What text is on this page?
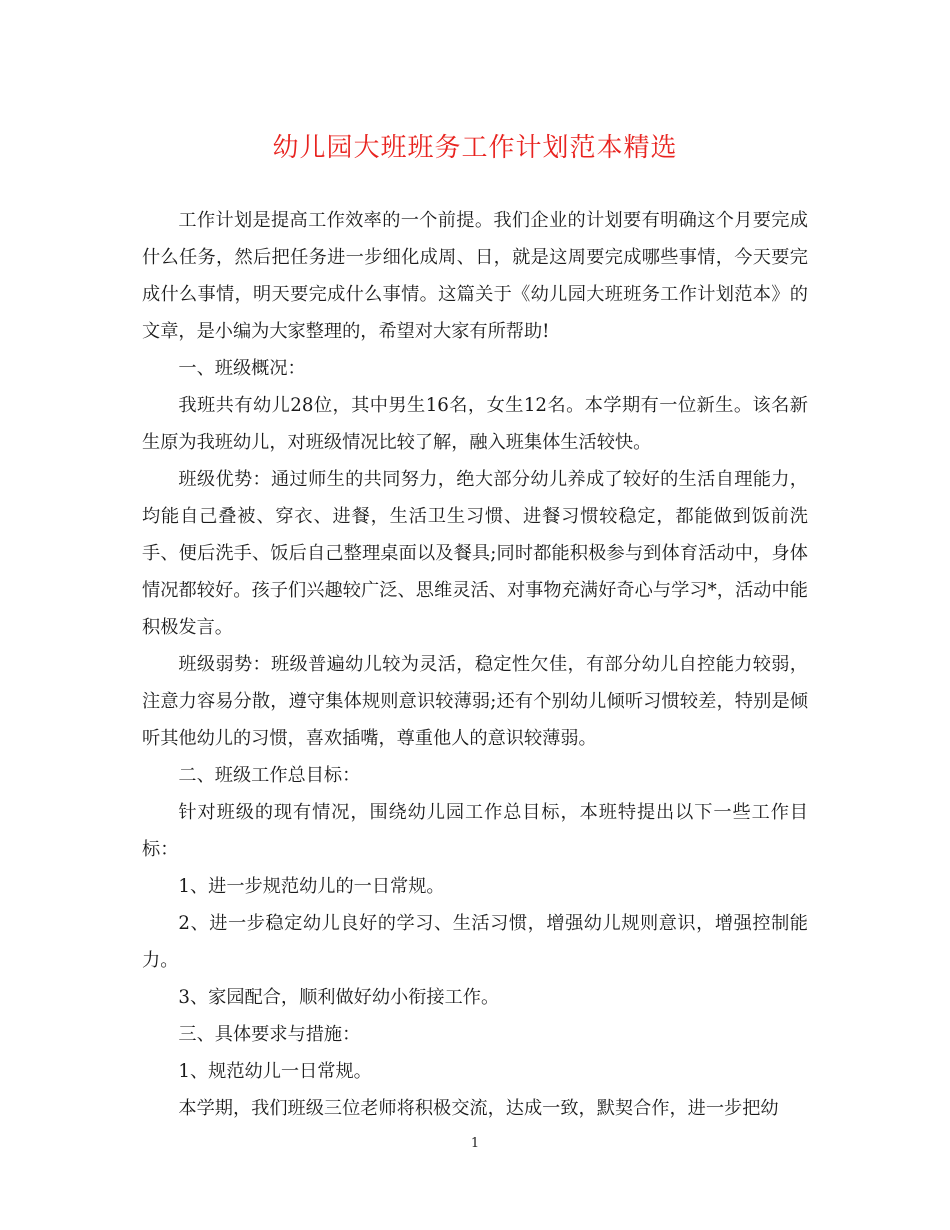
幼儿园大班班务工作计划范本精选

工作计划是提高工作效率的一个前提。我们企业的计划要有明确这个月要完成什么任务，然后把任务进一步细化成周、日，就是这周要完成哪些事情，今天要完成什么事情，明天要完成什么事情。这篇关于《幼儿园大班班务工作计划范本》的文章，是小编为大家整理的，希望对大家有所帮助!

一、班级概况：

我班共有幼儿28位，其中男生16名，女生12名。本学期有一位新生。该名新生原为我班幼儿，对班级情况比较了解，融入班集体生活较快。

班级优势：通过师生的共同努力，绝大部分幼儿养成了较好的生活自理能力，均能自己叠被、穿衣、进餐，生活卫生习惯、进餐习惯较稳定，都能做到饭前洗手、便后洗手、饭后自己整理桌面以及餐具;同时都能积极参与到体育活动中，身体情况都较好。孩子们兴趣较广泛、思维灵活、对事物充满好奇心与学习*，活动中能积极发言。

班级弱势：班级普遍幼儿较为灵活，稳定性欠佳，有部分幼儿自控能力较弱，注意力容易分散，遵守集体规则意识较薄弱;还有个别幼儿倾听习惯较差，特别是倾听其他幼儿的习惯，喜欢插嘴，尊重他人的意识较薄弱。

二、班级工作总目标：

针对班级的现有情况，围绕幼儿园工作总目标，本班特提出以下一些工作目标：

1、进一步规范幼儿的一日常规。

2、进一步稳定幼儿良好的学习、生活习惯，增强幼儿规则意识，增强控制能力。

3、家园配合，顺利做好幼小衔接工作。

三、具体要求与措施：

1、规范幼儿一日常规。

本学期，我们班级三位老师将积极交流，达成一致，默契合作，进一步把幼

1
